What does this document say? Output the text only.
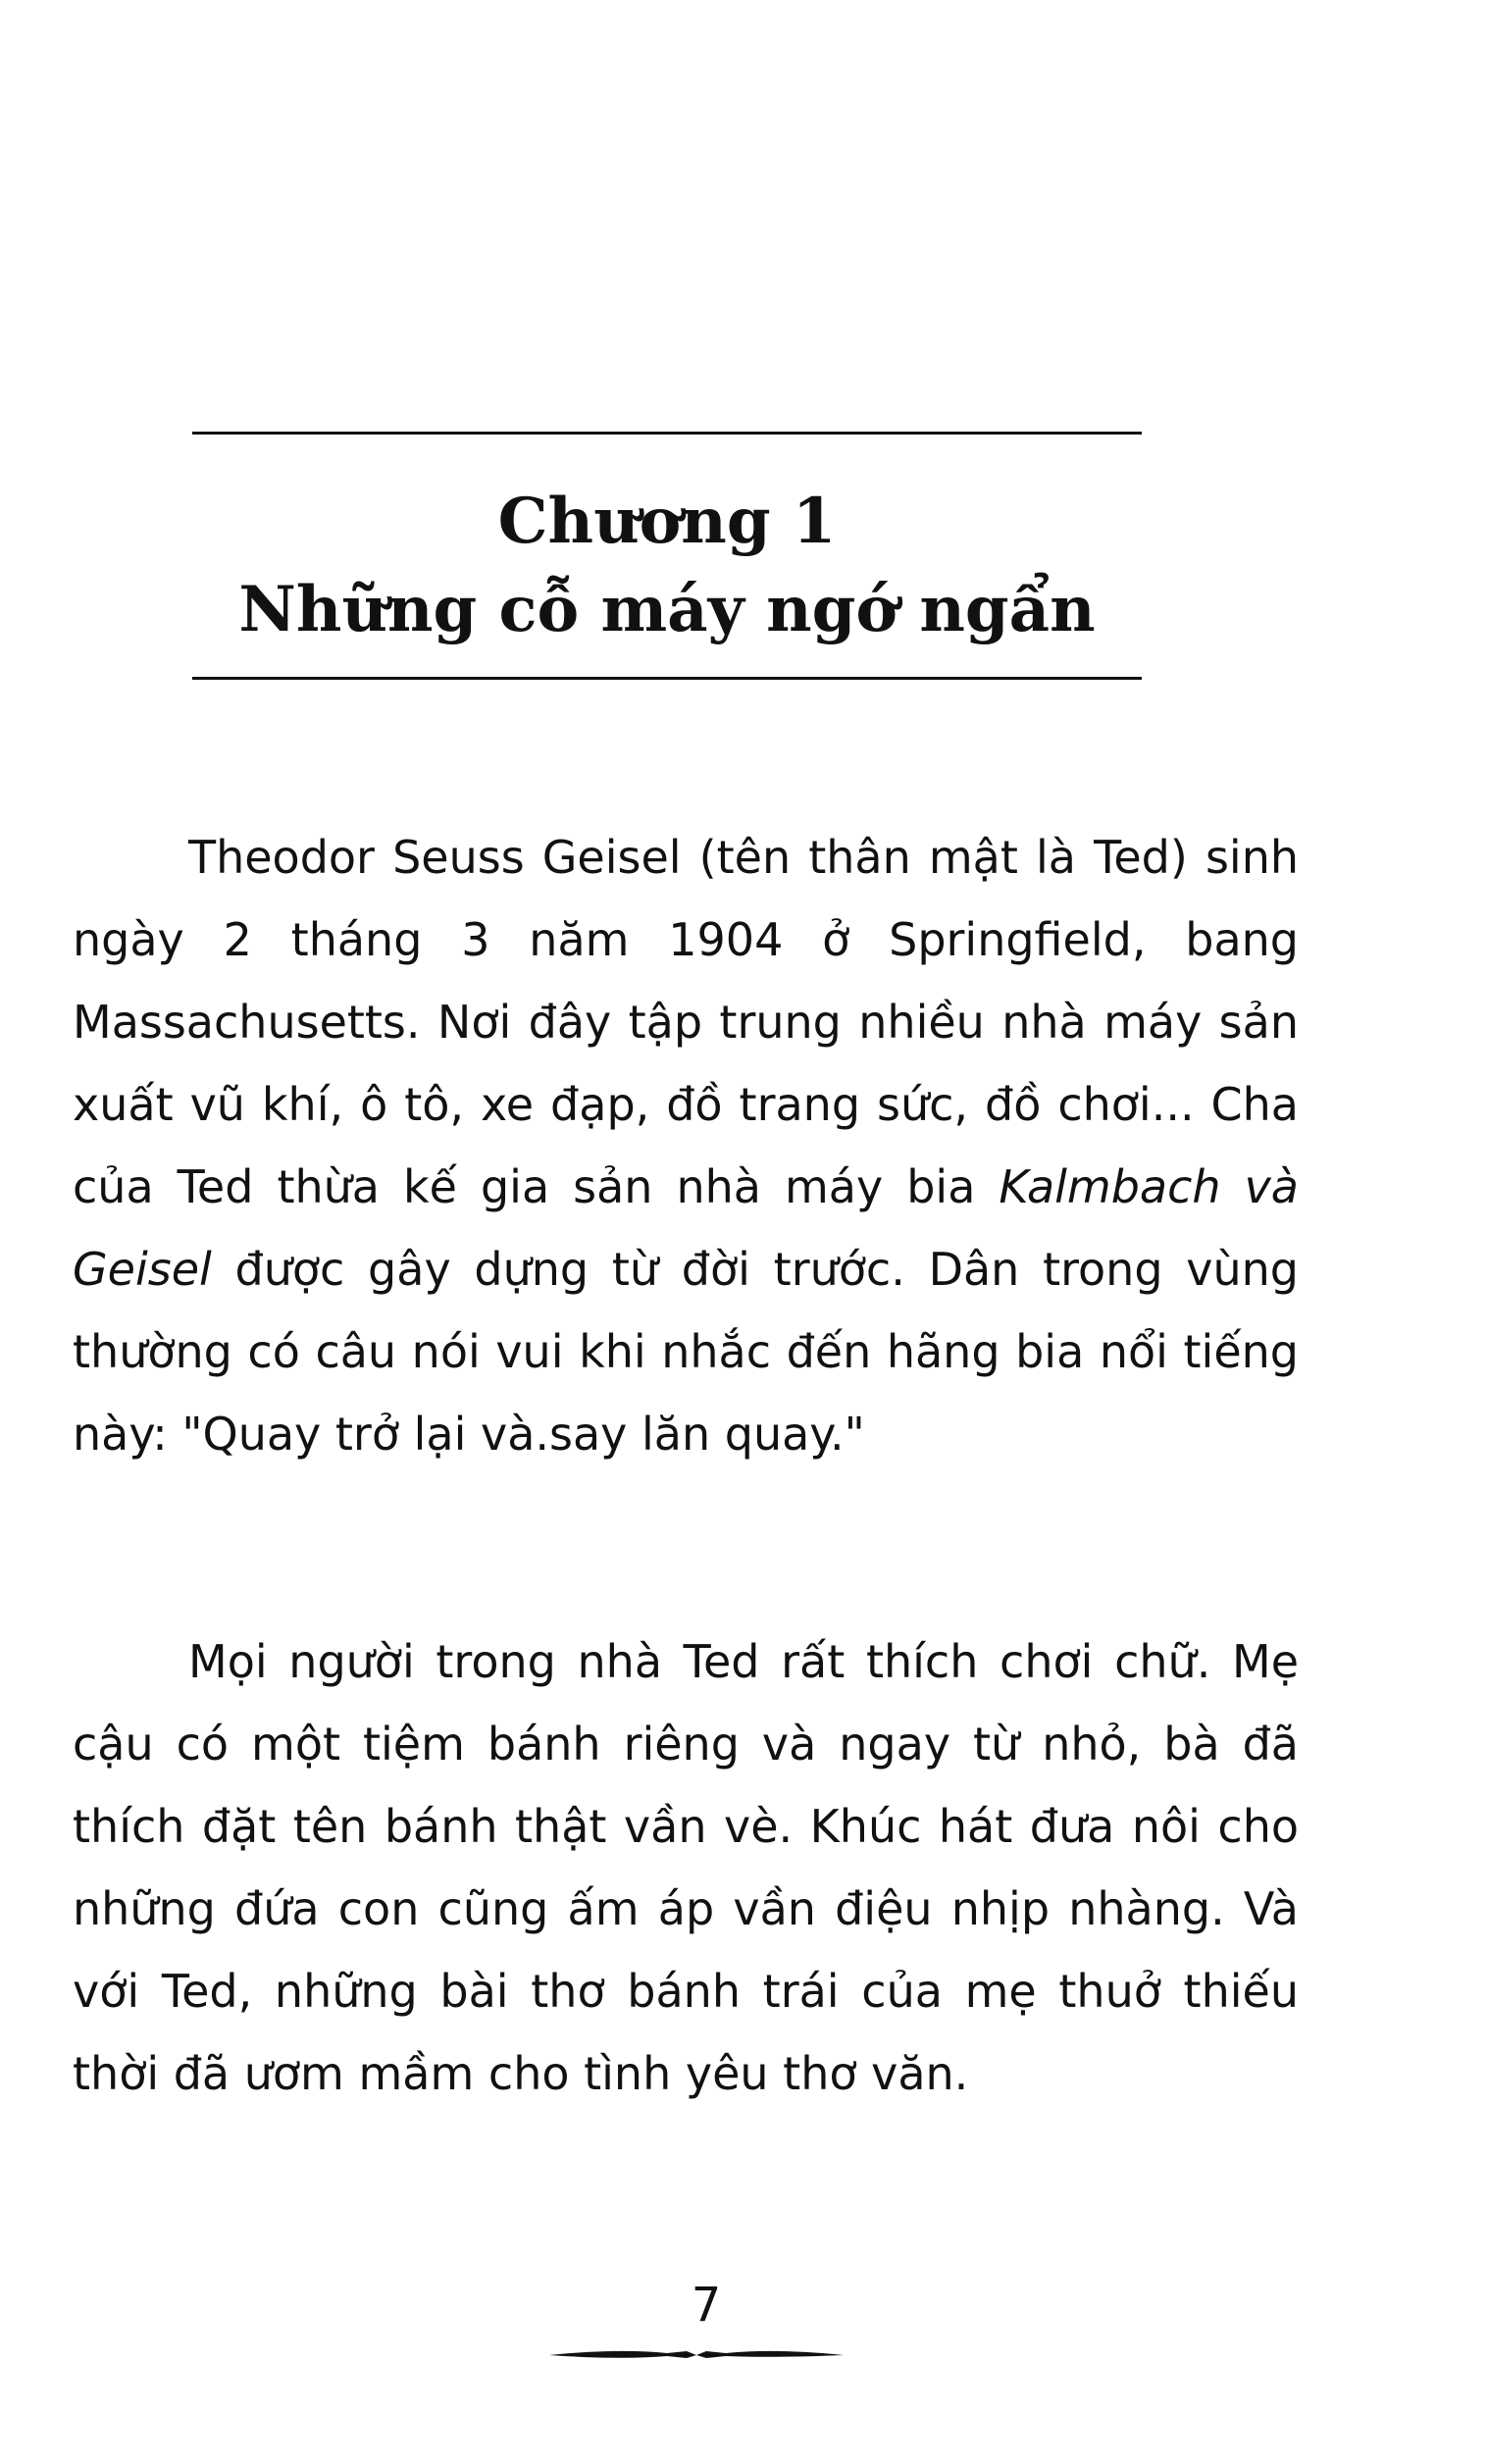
Chương 1
Những cỗ máy ngớ ngẩn

Theodor Seuss Geisel (tên thân mật là Ted) sinh ngày 2 tháng 3 năm 1904 ở Springfield, bang Massachusetts. Nơi đây tập trung nhiều nhà máy sản xuất vũ khí, ô tô, xe đạp, đồ trang sức, đồ chơi... Cha của Ted thừa kế gia sản nhà máy bia Kalmbach và Geisel được gây dựng từ đời trước. Dân trong vùng thường có câu nói vui khi nhắc đến hãng bia nổi tiếng này: "Quay trở lại và.say lăn quay."

Mọi người trong nhà Ted rất thích chơi chữ. Mẹ cậu có một tiệm bánh riêng và ngay từ nhỏ, bà đã thích đặt tên bánh thật vần vè. Khúc hát đưa nôi cho những đứa con cũng ấm áp vần điệu nhịp nhàng. Và với Ted, những bài thơ bánh trái của mẹ thuở thiếu thời đã ươm mầm cho tình yêu thơ văn.

7
